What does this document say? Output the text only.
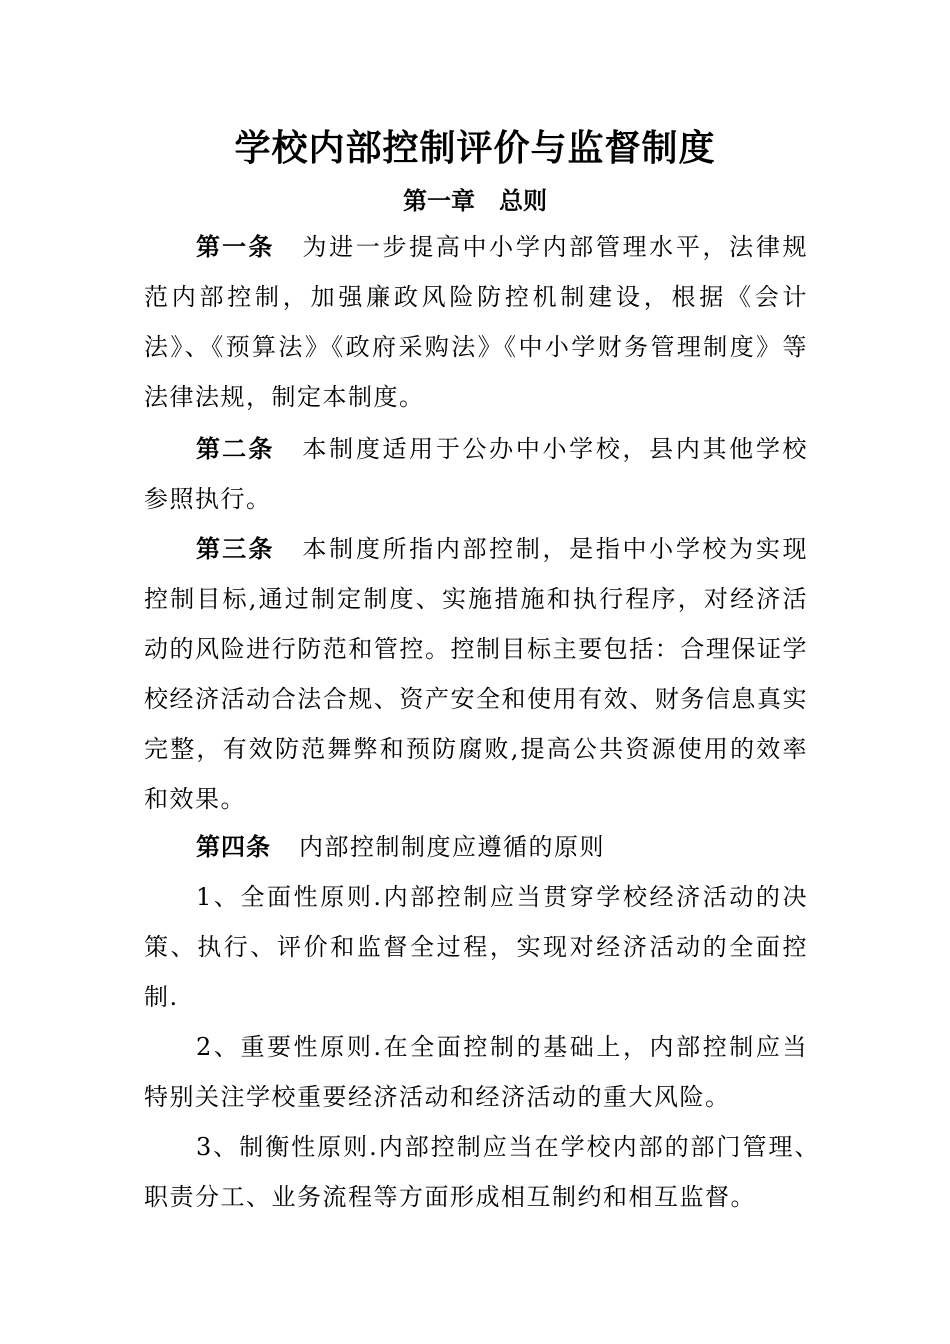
学校内部控制评价与监督制度
第一章　总则

第一条 为进一步提高中小学内部管理水平，法律规范内部控制，加强廉政风险防控机制建设，根据《会计法》、《预算法》《政府采购法》《中小学财务管理制度》等法律法规，制定本制度。

第二条 本制度适用于公办中小学校，县内其他学校参照执行。

第三条 本制度所指内部控制，是指中小学校为实现控制目标,通过制定制度、实施措施和执行程序，对经济活动的风险进行防范和管控。控制目标主要包括：合理保证学校经济活动合法合规、资产安全和使用有效、财务信息真实完整，有效防范舞弊和预防腐败,提高公共资源使用的效率和效果。

第四条 内部控制制度应遵循的原则

1、全面性原则.内部控制应当贯穿学校经济活动的决策、执行、评价和监督全过程，实现对经济活动的全面控制.

2、重要性原则.在全面控制的基础上，内部控制应当特别关注学校重要经济活动和经济活动的重大风险。

3、制衡性原则.内部控制应当在学校内部的部门管理、职责分工、业务流程等方面形成相互制约和相互监督。
